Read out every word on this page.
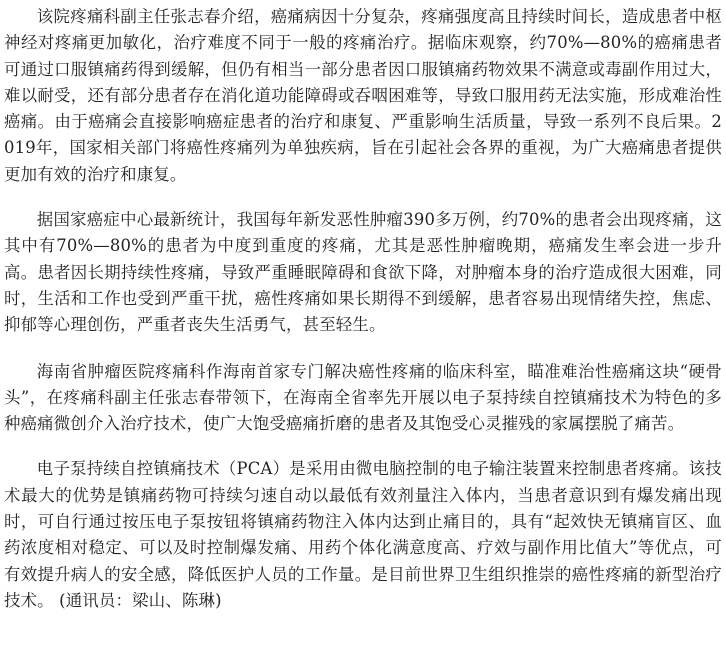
该院疼痛科副主任张志春介绍，癌痛病因十分复杂，疼痛强度高且持续时间长，造成患者中枢神经对疼痛更加敏化，治疗难度不同于一般的疼痛治疗。据临床观察，约70%—80%的癌痛患者可通过口服镇痛药得到缓解，但仍有相当一部分患者因口服镇痛药物效果不满意或毒副作用过大，难以耐受，还有部分患者存在消化道功能障碍或吞咽困难等，导致口服用药无法实施，形成难治性癌痛。由于癌痛会直接影响癌症患者的治疗和康复、严重影响生活质量，导致一系列不良后果。2019年，国家相关部门将癌性疼痛列为单独疾病，旨在引起社会各界的重视，为广大癌痛患者提供更加有效的治疗和康复。

据国家癌症中心最新统计，我国每年新发恶性肿瘤390多万例，约70%的患者会出现疼痛，这其中有70%—80%的患者为中度到重度的疼痛，尤其是恶性肿瘤晚期，癌痛发生率会进一步升高。患者因长期持续性疼痛，导致严重睡眠障碍和食欲下降，对肿瘤本身的治疗造成很大困难，同时，生活和工作也受到严重干扰，癌性疼痛如果长期得不到缓解，患者容易出现情绪失控，焦虑、抑郁等心理创伤，严重者丧失生活勇气，甚至轻生。

海南省肿瘤医院疼痛科作海南首家专门解决癌性疼痛的临床科室，瞄准难治性癌痛这块“硬骨头”，在疼痛科副主任张志春带领下，在海南全省率先开展以电子泵持续自控镇痛技术为特色的多种癌痛微创介入治疗技术，使广大饱受癌痛折磨的患者及其饱受心灵摧残的家属摆脱了痛苦。

电子泵持续自控镇痛技术（PCA）是采用由微电脑控制的电子输注装置来控制患者疼痛。该技术最大的优势是镇痛药物可持续匀速自动以最低有效剂量注入体内，当患者意识到有爆发痛出现时，可自行通过按压电子泵按钮将镇痛药物注入体内达到止痛目的，具有“起效快无镇痛盲区、血药浓度相对稳定、可以及时控制爆发痛、用药个体化满意度高、疗效与副作用比值大”等优点，可有效提升病人的安全感，降低医护人员的工作量。是目前世界卫生组织推崇的癌性疼痛的新型治疗技术。 (通讯员：梁山、陈琳)
